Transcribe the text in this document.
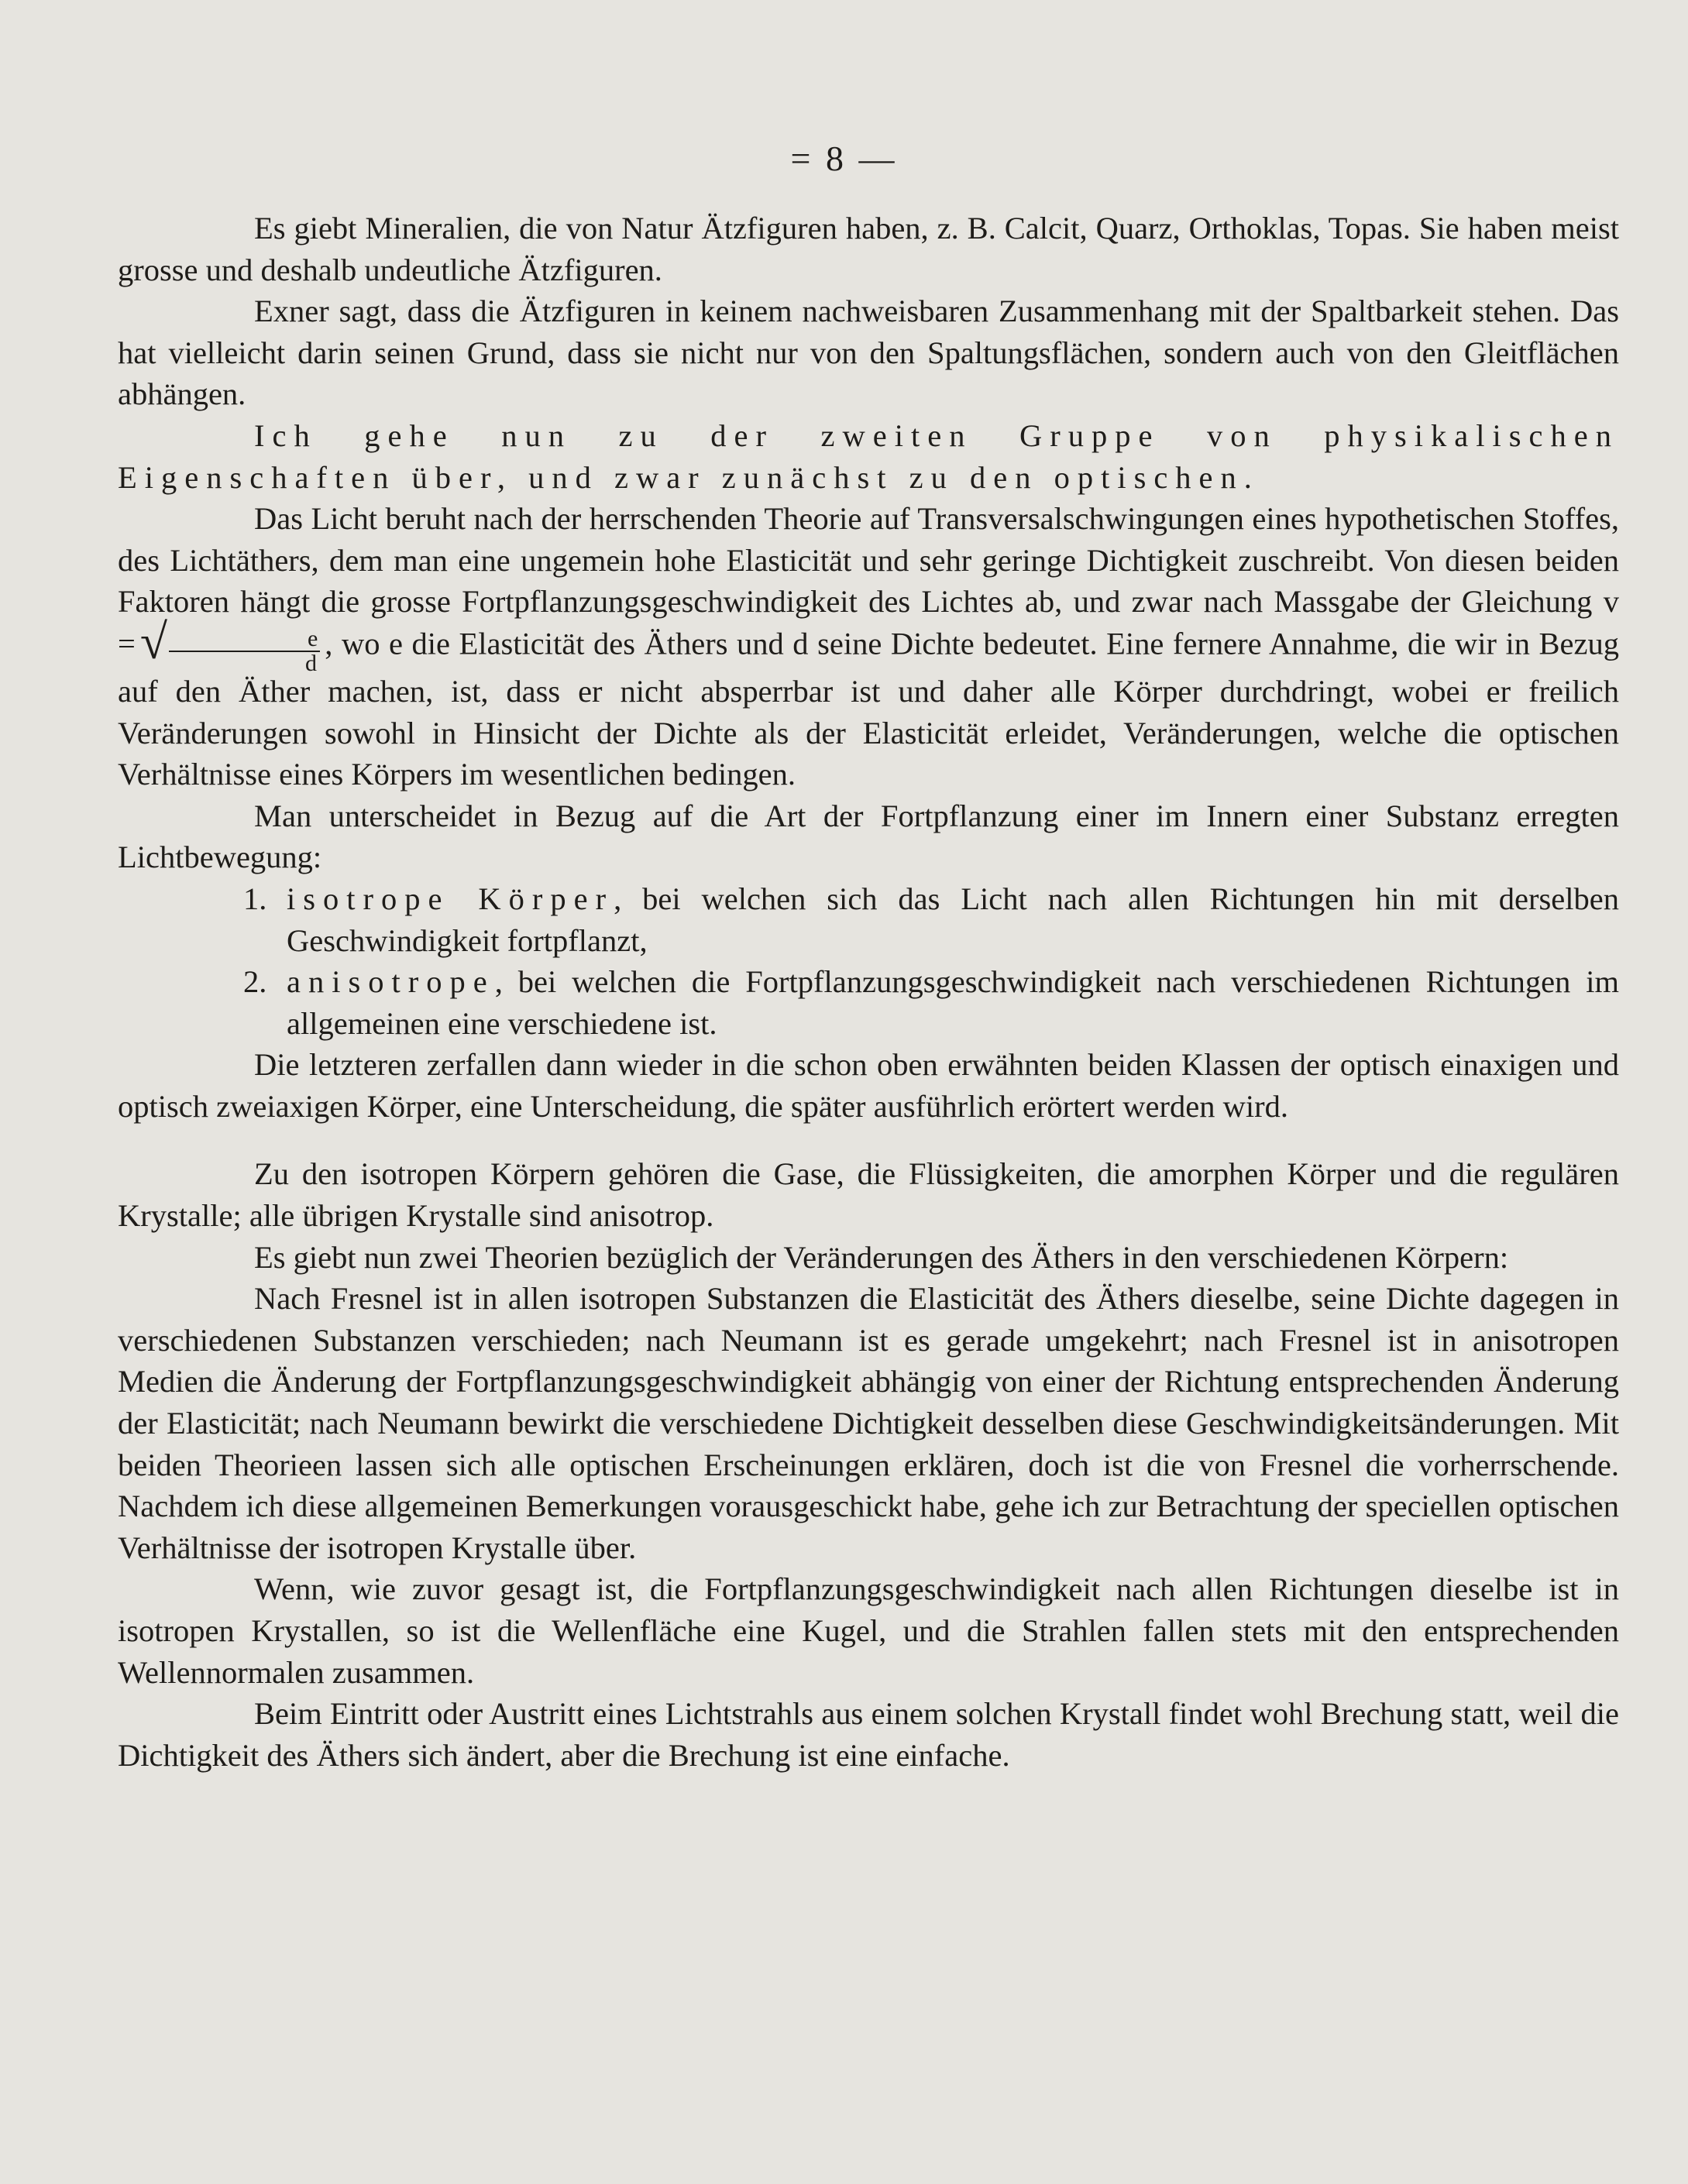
= 8 —

Es giebt Mineralien, die von Natur Ätzfiguren haben, z. B. Calcit, Quarz, Orthoklas, Topas. Sie haben meist grosse und deshalb undeutliche Ätzfiguren.

Exner sagt, dass die Ätzfiguren in keinem nachweisbaren Zusammenhang mit der Spaltbarkeit stehen. Das hat vielleicht darin seinen Grund, dass sie nicht nur von den Spaltungsflächen, sondern auch von den Gleitflächen abhängen.

Ich gehe nun zu der zweiten Gruppe von physikalischen Eigenschaften über, und zwar zunächst zu den optischen.

Das Licht beruht nach der herrschenden Theorie auf Transversalschwingungen eines hypothetischen Stoffes, des Lichtäthers, dem man eine ungemein hohe Elasticität und sehr geringe Dichtigkeit zuschreibt. Von diesen beiden Faktoren hängt die grosse Fortpflanzungsgeschwindigkeit des Lichtes ab, und zwar nach Massgabe der Gleichung v =√ $\frac{e}{d}$ , wo e die Elasticität des Äthers und d seine Dichte bedeutet. Eine fernere Annahme, die wir in Bezug auf den Äther machen, ist, dass er nicht absperrbar ist und daher alle Körper durchdringt, wobei er freilich Veränderungen sowohl in Hinsicht der Dichte als der Elasticität erleidet, Veränderungen, welche die optischen Verhältnisse eines Körpers im wesentlichen bedingen.

Man unterscheidet in Bezug auf die Art der Fortpflanzung einer im Innern einer Substanz erregten Lichtbewegung:

1. isotrope Körper, bei welchen sich das Licht nach allen Richtungen hin mit derselben Geschwindigkeit fortpflanzt,

2. anisotrope, bei welchen die Fortpflanzungsgeschwindigkeit nach verschiedenen Richtungen im allgemeinen eine verschiedene ist.

Die letzteren zerfallen dann wieder in die schon oben erwähnten beiden Klassen der optisch einaxigen und optisch zweiaxigen Körper, eine Unterscheidung, die später ausführlich erörtert werden wird.

Zu den isotropen Körpern gehören die Gase, die Flüssigkeiten, die amorphen Körper und die regulären Krystalle; alle übrigen Krystalle sind anisotrop.

Es giebt nun zwei Theorien bezüglich der Veränderungen des Äthers in den verschiedenen Körpern:

Nach Fresnel ist in allen isotropen Substanzen die Elasticität des Äthers dieselbe, seine Dichte dagegen in verschiedenen Substanzen verschieden; nach Neumann ist es gerade umgekehrt; nach Fresnel ist in anisotropen Medien die Änderung der Fortpflanzungsgeschwindigkeit abhängig von einer der Richtung entsprechenden Änderung der Elasticität; nach Neumann bewirkt die verschiedene Dichtigkeit desselben diese Geschwindigkeitsänderungen. Mit beiden Theorieen lassen sich alle optischen Erscheinungen erklären, doch ist die von Fresnel die vorherrschende. Nachdem ich diese allgemeinen Bemerkungen vorausgeschickt habe, gehe ich zur Betrachtung der speciellen optischen Verhältnisse der isotropen Krystalle über.

Wenn, wie zuvor gesagt ist, die Fortpflanzungsgeschwindigkeit nach allen Richtungen dieselbe ist in isotropen Krystallen, so ist die Wellenfläche eine Kugel, und die Strahlen fallen stets mit den entsprechenden Wellennormalen zusammen.

Beim Eintritt oder Austritt eines Lichtstrahls aus einem solchen Krystall findet wohl Brechung statt, weil die Dichtigkeit des Äthers sich ändert, aber die Brechung ist eine einfache.
